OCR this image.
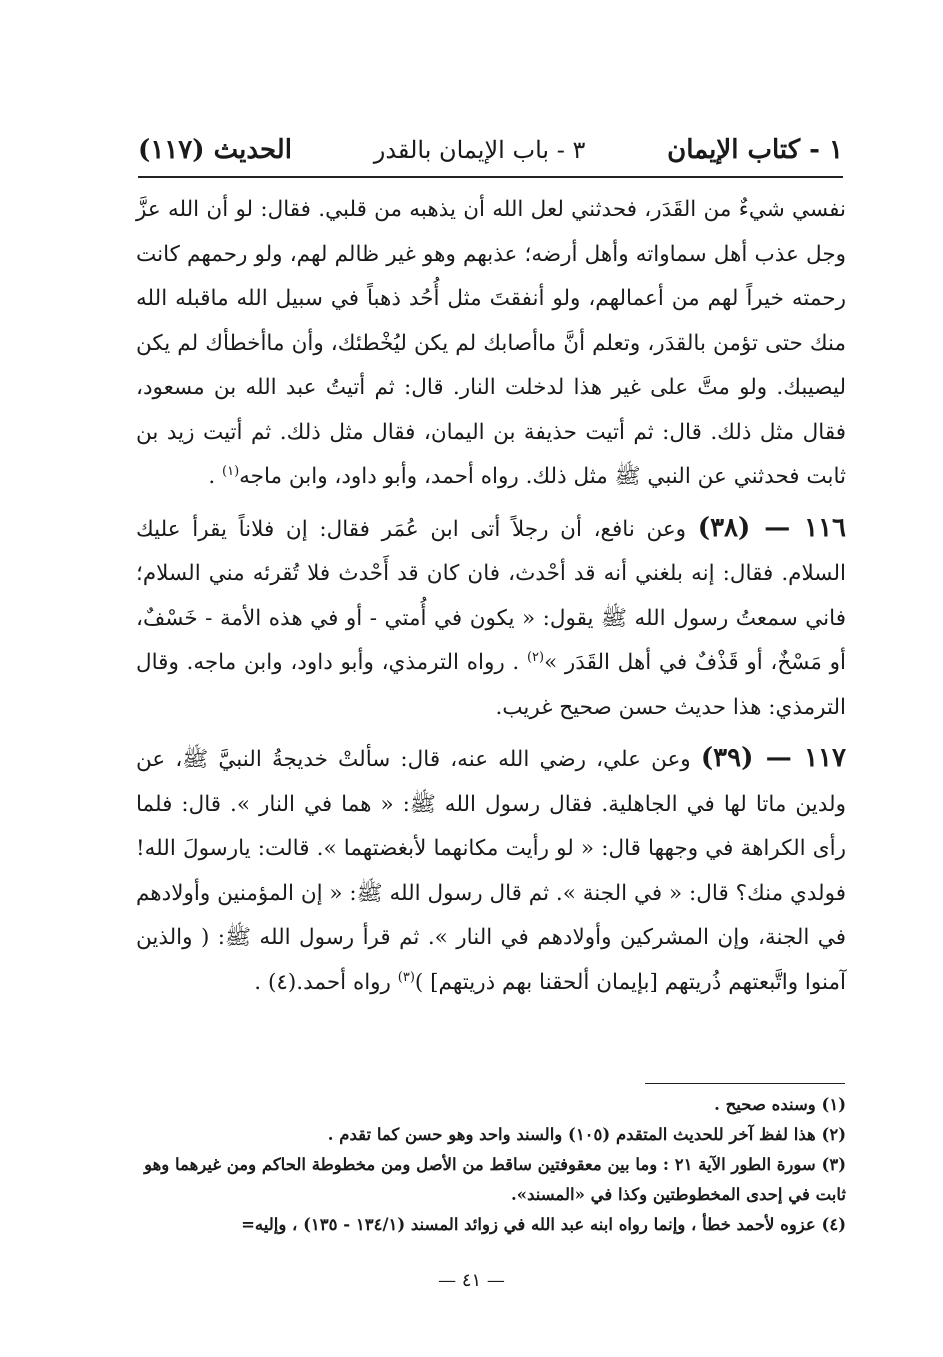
١ - كتاب الإيمان
٣ - باب الإيمان بالقدر
الحديث (١١٧)

نفسي شيءٌ من القَدَر، فحدثني لعل الله أن يذهبه من قلبي. فقال: لو أن الله عزَّ وجل عذب أهل سماواته وأهل أرضه؛ عذبهم وهو غير ظالم لهم، ولو رحمهم كانت رحمته خيراً لهم من أعمالهم، ولو أنفقتَ مثل أُحُد ذهباً في سبيل الله ماقبله الله منك حتى تؤمن بالقدَر، وتعلم أنَّ ماأصابك لم يكن ليُخْطئك، وأن ماأخطأك لم يكن ليصيبك. ولو متَّ على غير هذا لدخلت النار. قال: ثم أتيتُ عبد الله بن مسعود، فقال مثل ذلك. قال: ثم أتيت حذيفة بن اليمان، فقال مثل ذلك. ثم أتيت زيد بن ثابت فحدثني عن النبي ﷺ مثل ذلك. رواه أحمد، وأبو داود، وابن ماجه$^{(١)}$ .

١١٦ — (٣٨) وعن نافع، أن رجلاً أتى ابن عُمَر فقال: إن فلاناً يقرأ عليك السلام. فقال: إنه بلغني أنه قد أحْدث، فان كان قد أَحْدث فلا تُقرئه مني السلام؛ فاني سمعتُ رسول الله ﷺ يقول: « يكون في أُمتي - أو في هذه الأمة - خَسْفٌ، أو مَسْخٌ، أو قَذْفٌ في أهل القَدَر »$^{(٢)}$ . رواه الترمذي، وأبو داود، وابن ماجه. وقال الترمذي: هذا حديث حسن صحيح غريب.

١١٧ — (٣٩) وعن علي، رضي الله عنه، قال: سألتْ خديجةُ النبيَّ ﷺ، عن ولدين ماتا لها في الجاهلية. فقال رسول الله ﷺ: « هما في النار ». قال: فلما رأى الكراهة في وجهها قال: « لو رأيت مكانهما لأبغضتهما ». قالت: يارسولَ الله! فولدي منك؟ قال: « في الجنة ». ثم قال رسول الله ﷺ: « إن المؤمنين وأولادهم في الجنة، وإن المشركين وأولادهم في النار ». ثم قرأ رسول الله ﷺ: ( والذين آمنوا واتَّبعتهم ذُريتهم [بإيمان ألحقنا بهم ذريتهم] )$^{(٣)}$ رواه أحمد.(٤) .

(١) وسنده صحيح .

(٢) هذا لفظ آخر للحديث المتقدم (١٠٥) والسند واحد وهو حسن كما تقدم .

(٣) سورة الطور الآية ٢١ : وما بين معقوفتين ساقط من الأصل ومن مخطوطة الحاكم ومن غيرهما وهو ثابت في إحدى المخطوطتين وكذا في «المسند».

(٤) عزوه لأحمد خطأ ، وإنما رواه ابنه عبد الله في زوائد المسند (١٣٤/١ - ١٣٥) ، وإليه=

— ٤١ —
